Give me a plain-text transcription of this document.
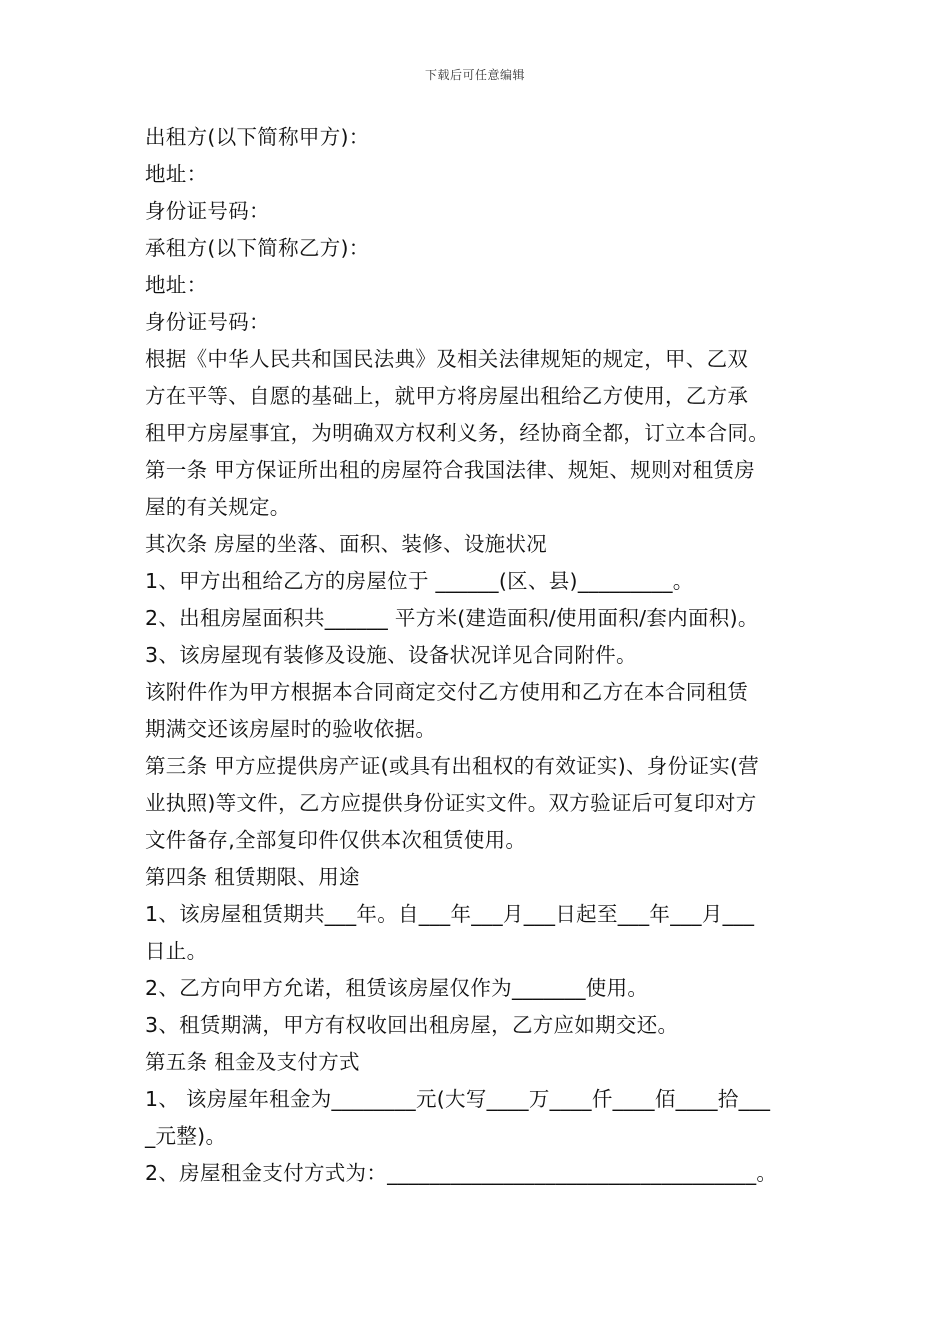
下载后可任意编辑
出租方(以下简称甲方)：
地址：
身份证号码：
承租方(以下简称乙方)：
地址：
身份证号码：
根据《中华人民共和国民法典》及相关法律规矩的规定，甲、乙双
方在平等、自愿的基础上，就甲方将房屋出租给乙方使用，乙方承
租甲方房屋事宜，为明确双方权利义务，经协商全都，订立本合同。
第一条 甲方保证所出租的房屋符合我国法律、规矩、规则对租赁房
屋的有关规定。
其次条 房屋的坐落、面积、装修、设施状况
1、甲方出租给乙方的房屋位于 ______(区、县)_________。
2、出租房屋面积共______ 平方米(建造面积/使用面积/套内面积)。
3、该房屋现有装修及设施、设备状况详见合同附件。
该附件作为甲方根据本合同商定交付乙方使用和乙方在本合同租赁
期满交还该房屋时的验收依据。
第三条 甲方应提供房产证(或具有出租权的有效证实)、身份证实(营
业执照)等文件，乙方应提供身份证实文件。双方验证后可复印对方
文件备存,全部复印件仅供本次租赁使用。
第四条 租赁期限、用途
1、该房屋租赁期共___年。自___年___月___日起至___年___月___
日止。
2、乙方向甲方允诺，租赁该房屋仅作为_______使用。
3、租赁期满，甲方有权收回出租房屋，乙方应如期交还。
第五条 租金及支付方式
1、 该房屋年租金为________元(大写____万____仟____佰____拾___
_元整)。
2、房屋租金支付方式为：___________________________________。
